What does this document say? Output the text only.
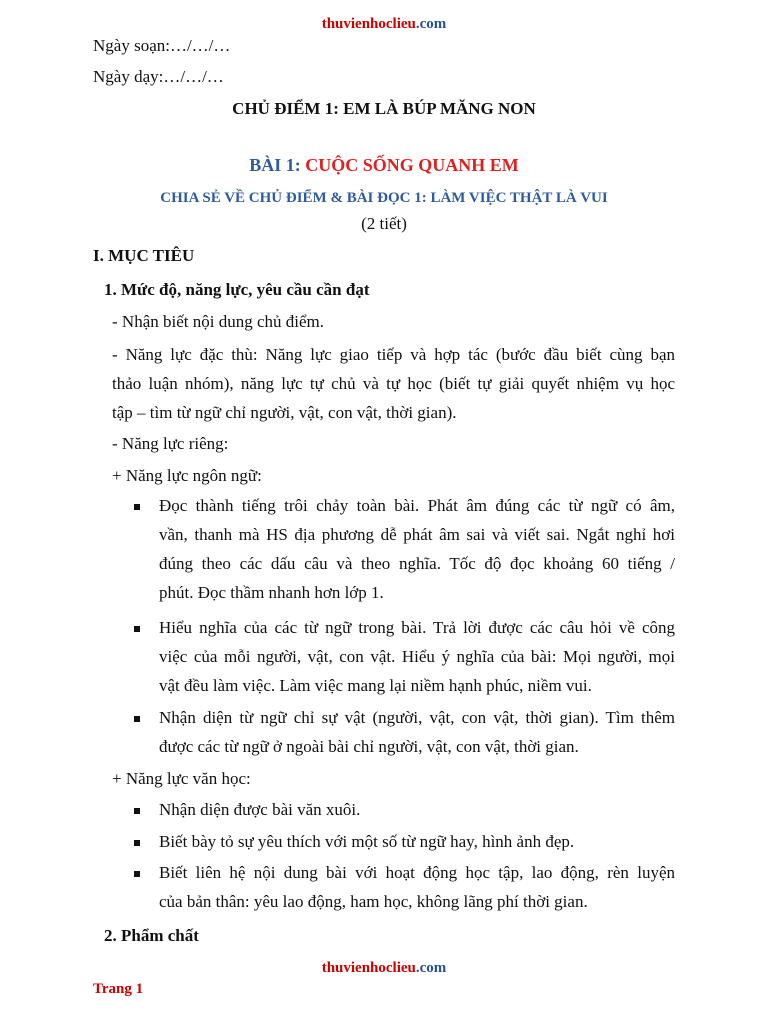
thuvienhoclieu.com
Ngày soạn:…/…/…
Ngày dạy:…/…/…
CHỦ ĐIỂM 1: EM LÀ BÚP MĂNG NON
BÀI 1: CUỘC SỐNG QUANH EM
CHIA SẺ VỀ CHỦ ĐIỂM & BÀI ĐỌC 1: LÀM VIỆC THẬT LÀ VUI
(2 tiết)
I. MỤC TIÊU
1. Mức độ, năng lực, yêu cầu cần đạt
- Nhận biết nội dung chủ điểm.
- Năng lực đặc thù: Năng lực giao tiếp và hợp tác (bước đầu biết cùng bạn
thảo luận nhóm), năng lực tự chủ và tự học (biết tự giải quyết nhiệm vụ học
tập – tìm từ ngữ chỉ người, vật, con vật, thời gian).
- Năng lực riêng:
+ Năng lực ngôn ngữ:
Đọc thành tiếng trôi chảy toàn bài. Phát âm đúng các từ ngữ có âm,
vần, thanh mà HS địa phương dễ phát âm sai và viết sai. Ngắt nghỉ hơi
đúng theo các dấu câu và theo nghĩa. Tốc độ đọc khoảng 60 tiếng /
phút. Đọc thầm nhanh hơn lớp 1.
Hiểu nghĩa của các từ ngữ trong bài. Trả lời được các câu hỏi về công
việc của mỗi người, vật, con vật. Hiểu ý nghĩa của bài: Mọi người, mọi
vật đều làm việc. Làm việc mang lại niềm hạnh phúc, niềm vui.
Nhận diện từ ngữ chỉ sự vật (người, vật, con vật, thời gian). Tìm thêm
được các từ ngữ ở ngoài bài chỉ người, vật, con vật, thời gian.
+ Năng lực văn học:
Nhận diện được bài văn xuôi.
Biết bày tỏ sự yêu thích với một số từ ngữ hay, hình ảnh đẹp.
Biết liên hệ nội dung bài với hoạt động học tập, lao động, rèn luyện
của bản thân: yêu lao động, ham học, không lãng phí thời gian.
2. Phẩm chất
thuvienhoclieu.com
Trang 1
